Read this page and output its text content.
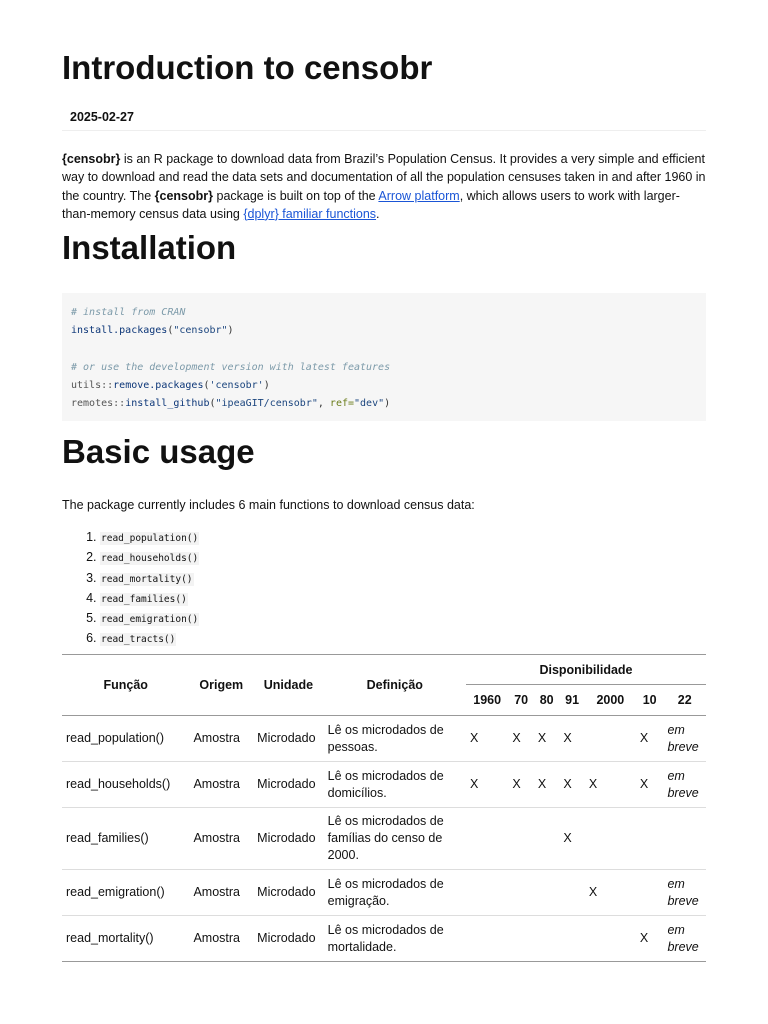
Introduction to censobr
2025-02-27

{censobr} is an R package to download data from Brazil’s Population Census. It provides a very simple and efficient way to download and read the data sets and documentation of all the population censuses taken in and after 1960 in the country. The {censobr} package is built on top of the Arrow platform, which allows users to work with larger-than-memory census data using {dplyr} familiar functions.

Installation
# install from CRAN
install.packages("censobr")

# or use the development version with latest features
utils::remove.packages('censobr')
remotes::install_github("ipeaGIT/censobr", ref="dev")
Basic usage

The package currently includes 6 main functions to download census data:

1. read_population()
2. read_households()
3. read_mortality()
4. read_families()
5. read_emigration()
6. read_tracts()
Função	Origem	Unidade	Definição	Disponibilidade						
				1960	70	80	91	2000	10	22
read_population()	Amostra	Microdado	Lê os microdados de pessoas.	X	X	X	X		X	em breve
read_households()	Amostra	Microdado	Lê os microdados de domicílios.	X	X	X	X	X	X	em breve
read_families()	Amostra	Microdado	Lê os microdados de famílias do censo de 2000.				X			
read_emigration()	Amostra	Microdado	Lê os microdados de emigração.					X		em breve
read_mortality()	Amostra	Microdado	Lê os microdados de mortalidade.						X	em breve
